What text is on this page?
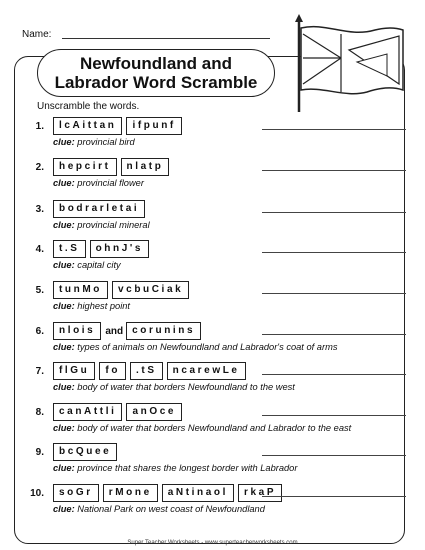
Name:
Newfoundland and
Labrador Word Scramble
Unscramble the words.
1.	lcAittan	ifpunf
clue: provincial bird
2.	hepcirt	nlatp
clue: provincial flower
3.	bodrarletai
clue: provincial mineral
4.	t.S	ohnJ's
clue: capital city
5.	tunMo	vcbuCiak
clue: highest point
6.	nlois	and corunins
clue: types of animals on Newfoundland and Labrador's coat of arms
7.	flGu	fo	.tS	ncarewLe
clue: body of water that borders Newfoundland to the west
8.	canAttli	anOce
clue: body of water that borders Newfoundland and Labrador to the east
9.	bcQuee
clue: province that shares the longest border with Labrador
10.	soGr	rMone	aNtinaol	rkaP
clue: National Park on west coast of Newfoundland
Super Teacher Worksheets - www.superteacherworksheets.com
